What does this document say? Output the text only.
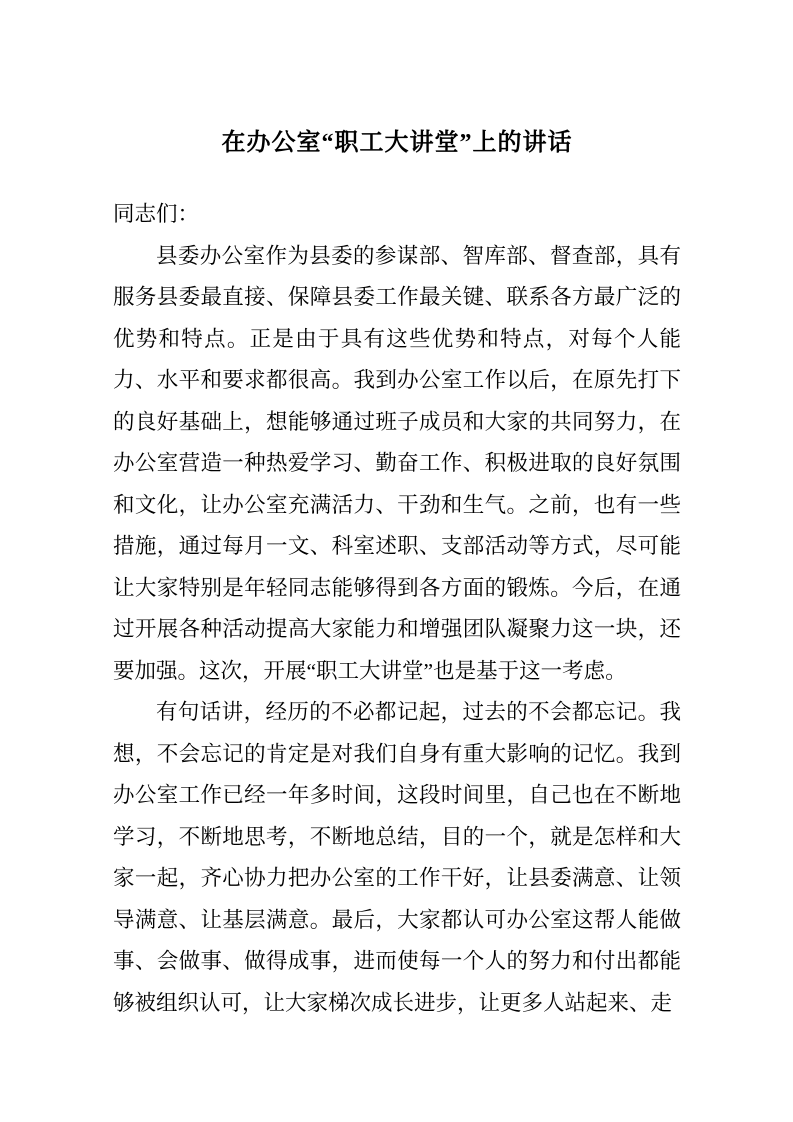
在办公室“职工大讲堂”上的讲话

同志们：

县委办公室作为县委的参谋部、智库部、督查部，具有服务县委最直接、保障县委工作最关键、联系各方最广泛的优势和特点。正是由于具有这些优势和特点，对每个人能力、水平和要求都很高。我到办公室工作以后，在原先打下的良好基础上，想能够通过班子成员和大家的共同努力，在办公室营造一种热爱学习、勤奋工作、积极进取的良好氛围和文化，让办公室充满活力、干劲和生气。之前，也有一些措施，通过每月一文、科室述职、支部活动等方式，尽可能让大家特别是年轻同志能够得到各方面的锻炼。今后，在通过开展各种活动提高大家能力和增强团队凝聚力这一块，还要加强。这次，开展“职工大讲堂”也是基于这一考虑。

有句话讲，经历的不必都记起，过去的不会都忘记。我想，不会忘记的肯定是对我们自身有重大影响的记忆。我到办公室工作已经一年多时间，这段时间里，自己也在不断地学习，不断地思考，不断地总结，目的一个，就是怎样和大家一起，齐心协力把办公室的工作干好，让县委满意、让领导满意、让基层满意。最后，大家都认可办公室这帮人能做事、会做事、做得成事，进而使每一个人的努力和付出都能够被组织认可，让大家梯次成长进步，让更多人站起来、走
